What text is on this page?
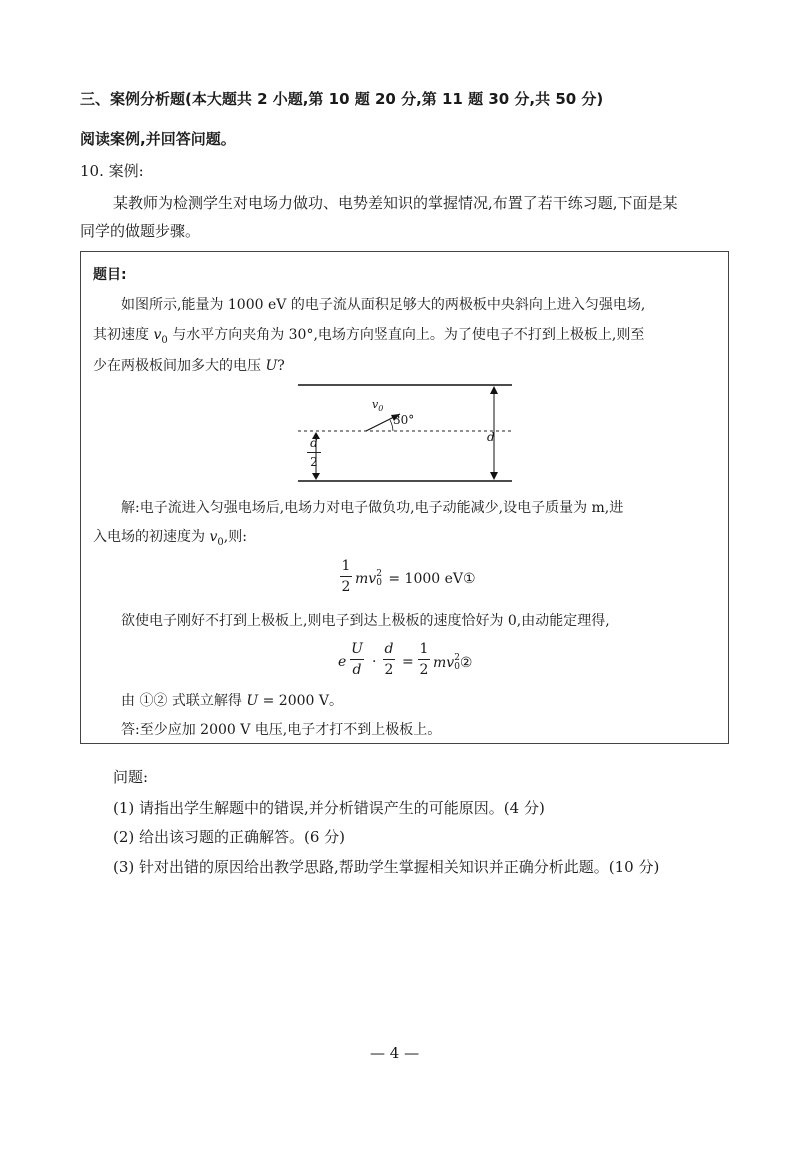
三、案例分析题(本大题共 2 小题,第 10 题 20 分,第 11 题 30 分,共 50 分)
阅读案例,并回答问题。
10. 案例:
某教师为检测学生对电场力做功、电势差知识的掌握情况,布置了若干练习题,下面是某
同学的做题步骤。
题目:
如图所示,能量为 1000 eV 的电子流从面积足够大的两极板中央斜向上进入匀强电场,
其初速度 $v_0$ 与水平方向夹角为 30°,电场方向竖直向上。为了使电子不打到上极板上,则至
少在两极板间加多大的电压 U?
$v_0$
30°
d
d
2
解:电子流进入匀强电场后,电场力对电子做负功,电子动能减少,设电子质量为 m,进
入电场的初速度为 $v_0$,则:
1
2 mv 2
0 = 1000 eV①
欲使电子刚好不打到上极板上,则电子到达上极板的速度恰好为 0,由动能定理得,
e
U
d ·
d
2 =
1
2 mv 2
0 ②
由 ①② 式联立解得 U = 2000 V。
答:至少应加 2000 V 电压,电子才打不到上极板上。
问题:
(1) 请指出学生解题中的错误,并分析错误产生的可能原因。(4 分)
(2) 给出该习题的正确解答。(6 分)
(3) 针对出错的原因给出教学思路,帮助学生掌握相关知识并正确分析此题。(10 分)
— 4 —
